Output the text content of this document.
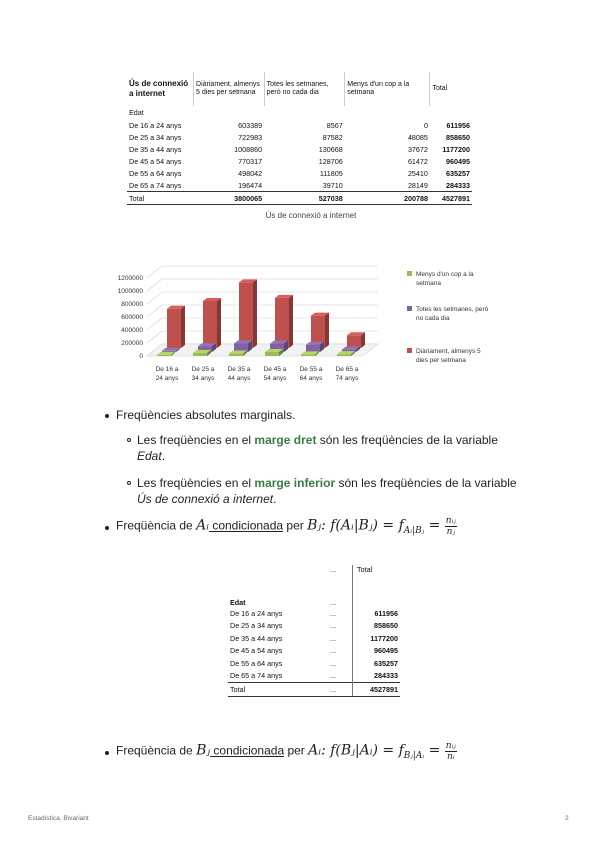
Ús de connexió a internet	Diàriament, almenys 5 dies per setmana	Totes les setmanes, però no cada dia	Menys d'un cop a la setmana	Total
Edat				
De 16 a 24 anys	603389	8567	0	611956
De 25 a 34 anys	722983	87582	48085	858650
De 35 a 44 anys	1008860	130668	37672	1177200
De 45 a 54 anys	770317	128706	61472	960495
De 55 a 64 anys	498042	111805	25410	635257
De 65 a 74 anys	196474	39710	28149	284333
Total	3800065	527038	200788	4527891
Ús de connexió a internet
0
200000
400000
600000
800000
1000000
1200000
De 16 a
24 anys
De 25 a
34 anys
De 35 a
44 anys
De 45 a
54 anys
De 55 a
64 anys
De 65 a
74 anys
Menys d'un cop a la
setmana
Totes les setmanes, però
no cada dia
Diàriament, almenys 5
dies per setmana
Freqüències absolutes marginals.
Les freqüències en el marge dret són les freqüències de la variable
Edat.
Les freqüències en el marge inferior són les freqüències de la variable
Ús de connexió a internet.
Freqüència de Aᵢ condicionada per Bⱼ: f(Aᵢ|Bⱼ) = $f_{Aᵢ|Bⱼ}$ = nᵢⱼ
nⱼ
	...	Total
Edat	...	
De 16 a 24 anys	...	611956
De 25 a 34 anys	...	858650
De 35 a 44 anys	...	1177200
De 45 a 54 anys	...	960495
De 55 a 64 anys	...	635257
De 65 a 74 anys	...	284333
Total	...	4527891
Freqüència de Bⱼ condicionada per Aᵢ: f(Bⱼ|Aᵢ) = $f_{Bⱼ|Aᵢ}$ = nᵢⱼ
nᵢ
Estadística. Bivariant	2
